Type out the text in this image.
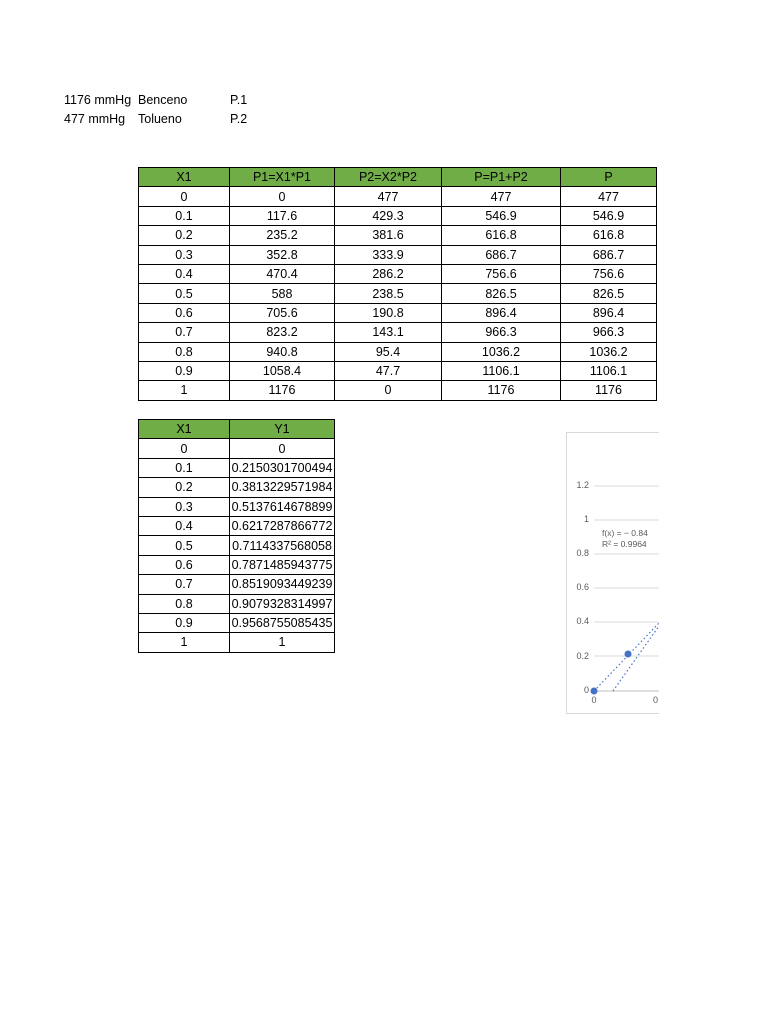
1176 mmHg Benceno	P.1
477 mmHg	Tolueno	P.2
X1	P1=X1*P1	P2=X2*P2	P=P1+P2	P
0	0	477	477	477
0.1	117.6	429.3	546.9	546.9
0.2	235.2	381.6	616.8	616.8
0.3	352.8	333.9	686.7	686.7
0.4	470.4	286.2	756.6	756.6
0.5	588	238.5	826.5	826.5
0.6	705.6	190.8	896.4	896.4
0.7	823.2	143.1	966.3	966.3
0.8	940.8	95.4	1036.2	1036.2
0.9	1058.4	47.7	1106.1	1106.1
1	1176	0	1176	1176
X1	Y1
0	0
0.1	0.2150301700494
0.2	0.3813229571984
0.3	0.5137614678899
0.4	0.6217287866772
0.5	0.7114337568058
0.6	0.7871485943775
0.7	0.8519093449239
0.8	0.9079328314997
0.9	0.9568755085435
1	1
1.2
1
0.8
0.6
0.4
0.2
0
0	0
f(x) = − 0.84
R² = 0.9964
